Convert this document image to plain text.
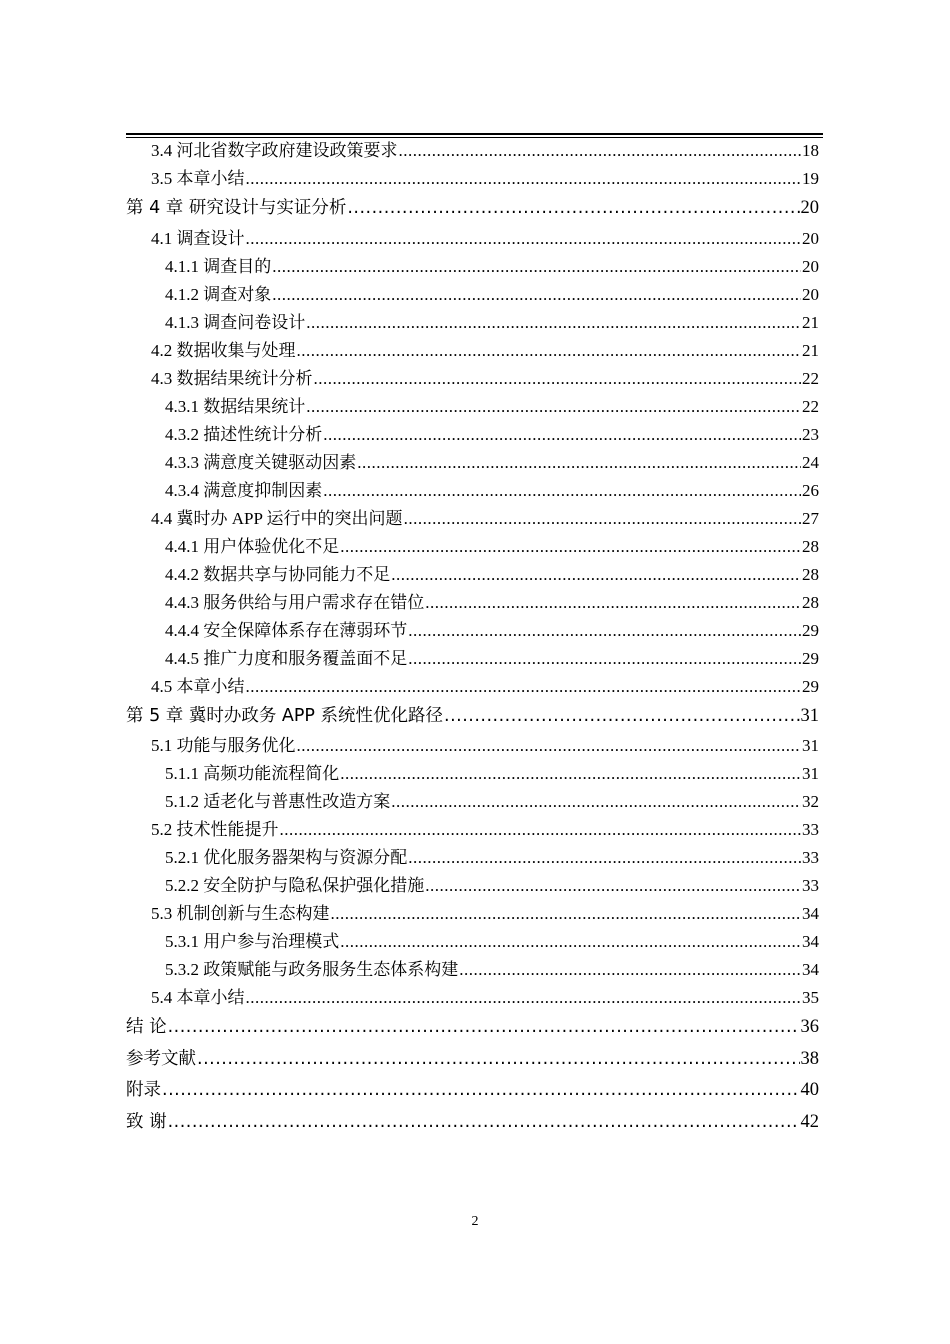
3.4 河北省数字政府建设政策要求 .....	18
3.5 本章小结 .....	19
第 4 章 研究设计与实证分析 .....	20
4.1 调查设计 .....	20
4.1.1 调查目的 .....	20
4.1.2 调查对象 .....	20
4.1.3 调查问卷设计 .....	21
4.2 数据收集与处理 .....	21
4.3 数据结果统计分析 .....	22
4.3.1 数据结果统计 .....	22
4.3.2 描述性统计分析 .....	23
4.3.3 满意度关键驱动因素 .....	24
4.3.4 满意度抑制因素 .....	26
4.4 冀时办 APP 运行中的突出问题 .....	27
4.4.1 用户体验优化不足 .....	28
4.4.2 数据共享与协同能力不足 .....	28
4.4.3 服务供给与用户需求存在错位 .....	28
4.4.4 安全保障体系存在薄弱环节 .....	29
4.4.5 推广力度和服务覆盖面不足 .....	29
4.5 本章小结 .....	29
第 5 章 冀时办政务 APP 系统性优化路径 .....	31
5.1 功能与服务优化 .....	31
5.1.1 高频功能流程简化 .....	31
5.1.2 适老化与普惠性改造方案 .....	32
5.2 技术性能提升 .....	33
5.2.1 优化服务器架构与资源分配 .....	33
5.2.2 安全防护与隐私保护强化措施 .....	33
5.3 机制创新与生态构建 .....	34
5.3.1 用户参与治理模式 .....	34
5.3.2 政策赋能与政务服务生态体系构建 .....	34
5.4 本章小结 .....	35
结 论 .....	36
参考文献 .....	38
附录 .....	40
致 谢 .....	42
2
